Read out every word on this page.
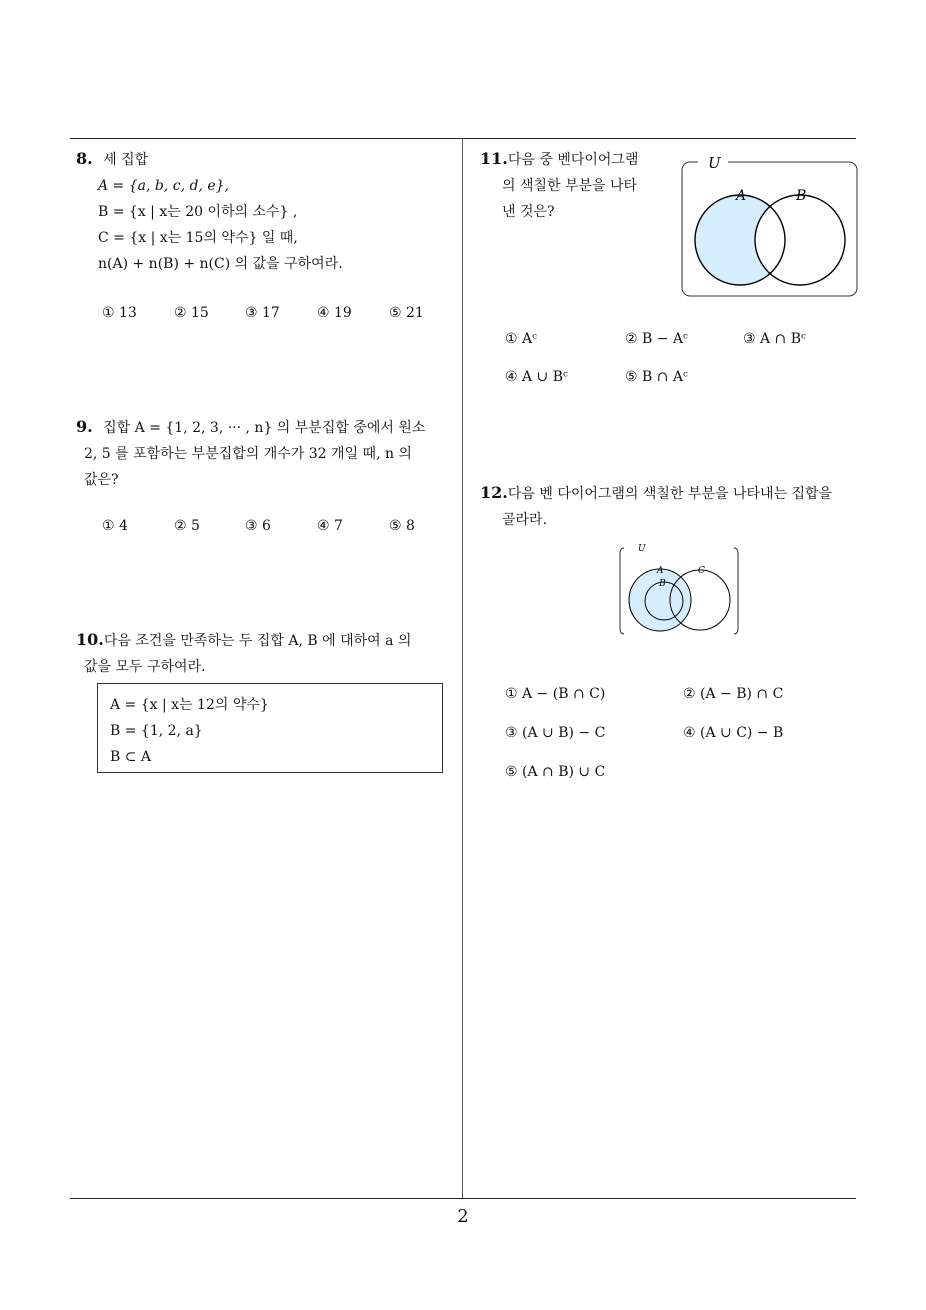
8. 세 집합
A = {a, b, c, d, e},
B = {x | x는 20 이하의 소수} ,
C = {x | x는 15의 약수} 일 때,
n(A) + n(B) + n(C) 의 값을 구하여라.
① 13	② 15	③ 17	④ 19	⑤ 21
9. 집합 A = {1, 2, 3, ··· , n} 의 부분집합 중에서 원소
2, 5 를 포함하는 부분집합의 개수가 32 개일 때, n 의
값은?
① 4	② 5	③ 6	④ 7	⑤ 8
10.다음 조건을 만족하는 두 집합 A, B 에 대하여 a 의
값을 모두 구하여라.
A = {x | x는 12의 약수}
B = {1, 2, a}
B ⊂ A
11.다음 중 벤다이어그램
의 색칠한 부분을 나타
낸 것은?
U
A	B
① Aᶜ	② B − Aᶜ	③ A ∩ Bᶜ
④ A ∪ Bᶜ	⑤ B ∩ Aᶜ
12.다음 벤 다이어그램의 색칠한 부분을 나타내는 집합을
골라라.
U
A
B
C
① A − (B ∩ C)	② (A − B) ∩ C
③ (A ∪ B) − C	④ (A ∪ C) − B
⑤ (A ∩ B) ∪ C
2
